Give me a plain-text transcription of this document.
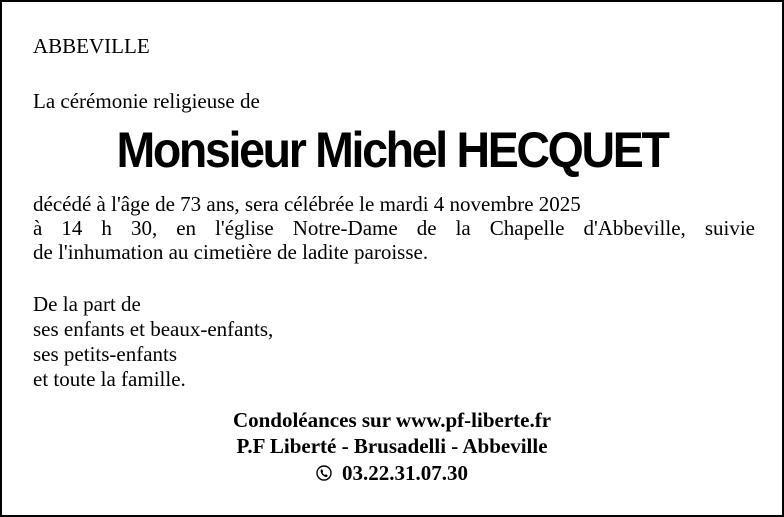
ABBEVILLE
La cérémonie religieuse de
Monsieur Michel HECQUET
décédé à l'âge de 73 ans, sera célébrée le mardi 4 novembre 2025
à 14 h 30, en l'église Notre-Dame de la Chapelle d'Abbeville, suivie
de l'inhumation au cimetière de ladite paroisse.
De la part de
ses enfants et beaux-enfants,
ses petits-enfants
et toute la famille.
Condoléances sur www.pf-liberte.fr
P.F Liberté - Brusadelli - Abbeville
03.22.31.07.30
